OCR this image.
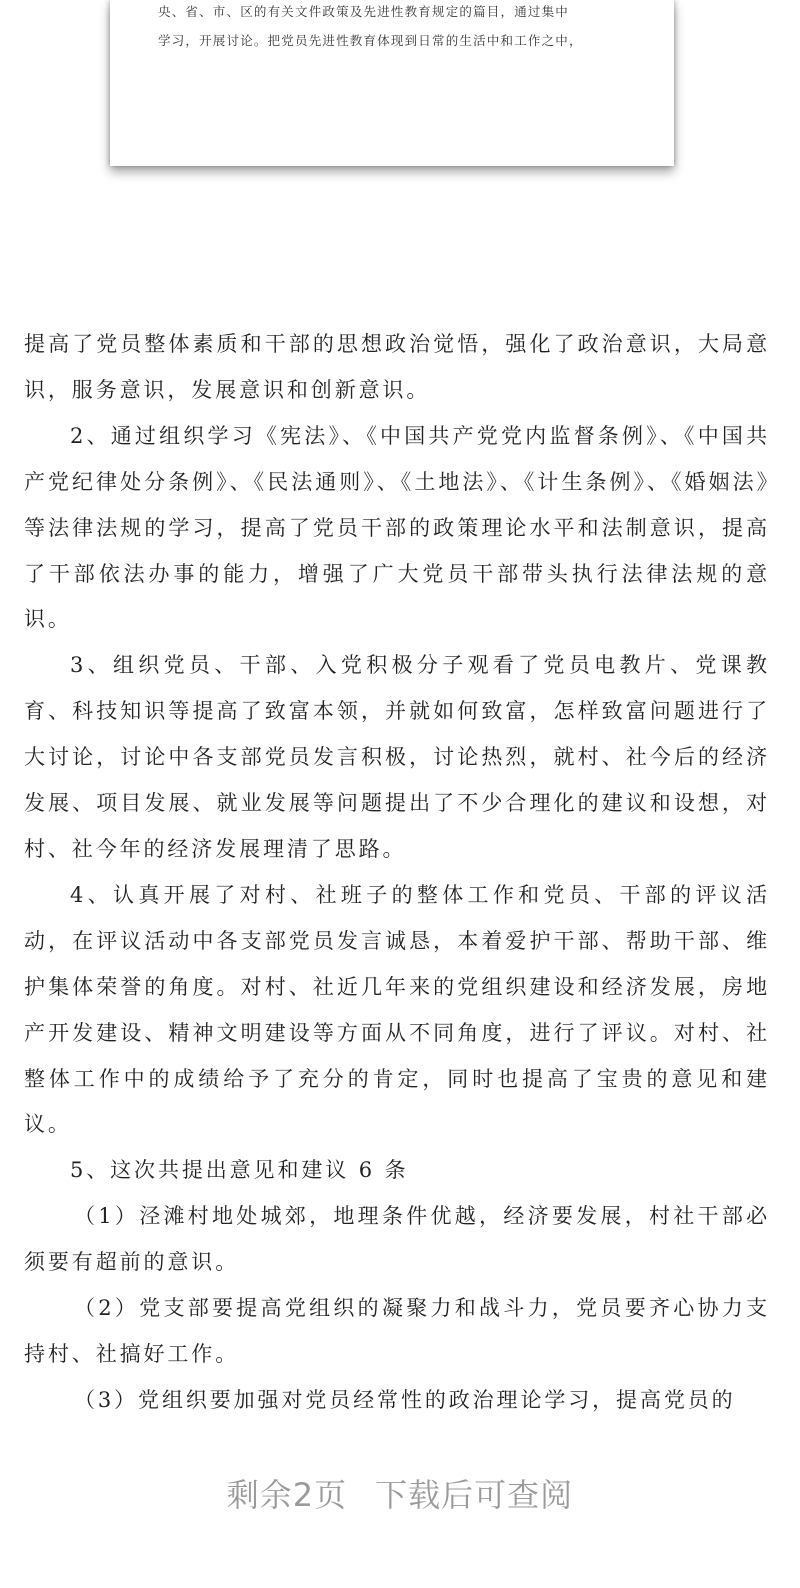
央、省、市、区的有关文件政策及先进性教育规定的篇目，通过集中
学习，开展讨论。把党员先进性教育体现到日常的生活中和工作之中，

提高了党员整体素质和干部的思想政治觉悟，强化了政治意识，大局意识，服务意识，发展意识和创新意识。

2、通过组织学习《宪法》、《中国共产党党内监督条例》、《中国共产党纪律处分条例》、《民法通则》、《土地法》、《计生条例》、《婚姻法》等法律法规的学习，提高了党员干部的政策理论水平和法制意识，提高了干部依法办事的能力，增强了广大党员干部带头执行法律法规的意识。

3、组织党员、干部、入党积极分子观看了党员电教片、党课教育、科技知识等提高了致富本领，并就如何致富，怎样致富问题进行了大讨论，讨论中各支部党员发言积极，讨论热烈，就村、社今后的经济发展、项目发展、就业发展等问题提出了不少合理化的建议和设想，对村、社今年的经济发展理清了思路。

4、认真开展了对村、社班子的整体工作和党员、干部的评议活动，在评议活动中各支部党员发言诚恳，本着爱护干部、帮助干部、维护集体荣誉的角度。对村、社近几年来的党组织建设和经济发展，房地产开发建设、精神文明建设等方面从不同角度，进行了评议。对村、社整体工作中的成绩给予了充分的肯定，同时也提高了宝贵的意见和建议。

5、这次共提出意见和建议 6 条

（1）泾滩村地处城郊，地理条件优越，经济要发展，村社干部必须要有超前的意识。

（2）党支部要提高党组织的凝聚力和战斗力，党员要齐心协力支持村、社搞好工作。

（3）党组织要加强对党员经常性的政治理论学习，提高党员的

剩余2页 下载后可查阅
